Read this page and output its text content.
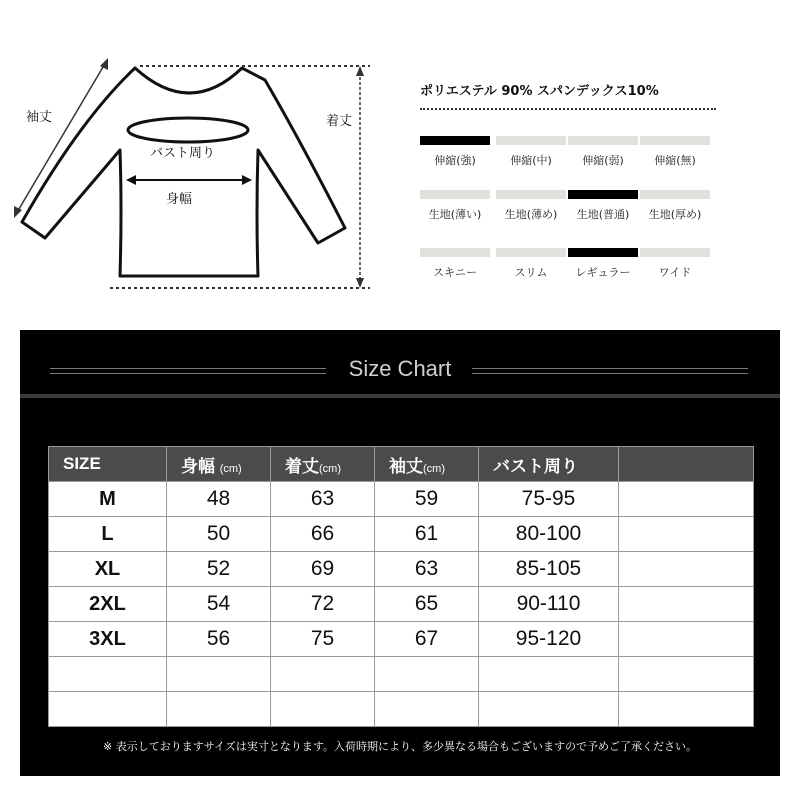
袖丈	着丈
バスト周り
身幅
ポリエステル 90% スパンデックス10%
伸縮(強)	伸縮(中)	伸縮(弱)	伸縮(無)
生地(薄い)	生地(薄め)	生地(普通)	生地(厚め)
スキニー	スリム	レギュラー	ワイド
Size Chart
SIZE	身幅 (cm)	着丈(cm)	袖丈(cm)	バスト周り	
M	48	63	59	75-95	
L	50	66	61	80-100	
XL	52	69	63	85-105	
2XL	54	72	65	90-110	
3XL	56	75	67	95-120	

※ 表示しておりますサイズは実寸となります。入荷時期により、多少異なる場合もございますので予めご了承ください。
